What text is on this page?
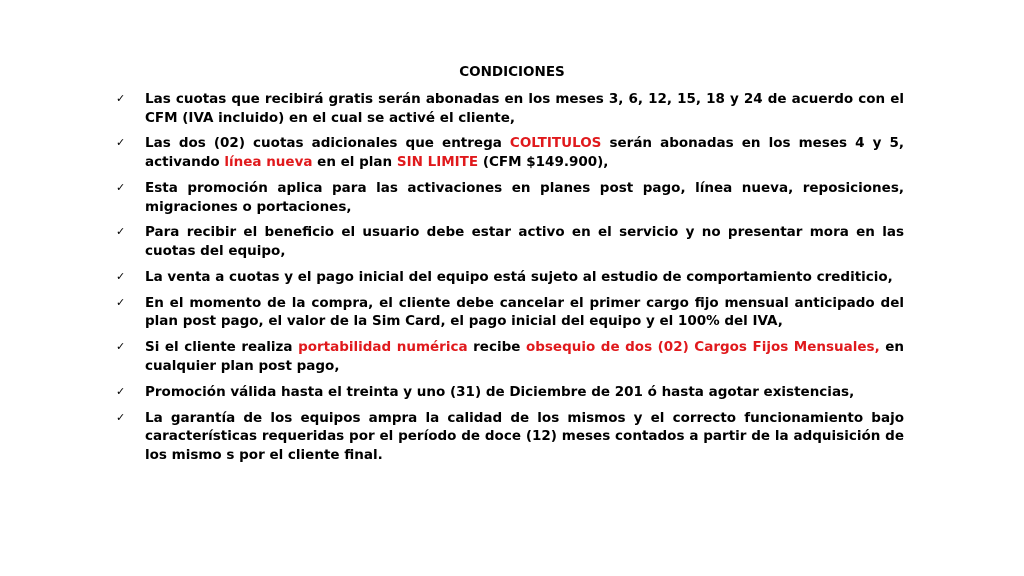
CONDICIONES
✓ Las cuotas que recibirá gratis serán abonadas en los meses 3, 6, 12, 15, 18 y 24 de acuerdo con el CFM (IVA incluido) en el cual se activé el cliente,
✓ Las dos (02) cuotas adicionales que entrega COLTITULOS serán abonadas en los meses 4 y 5, activando línea nueva en el plan SIN LIMITE (CFM $149.900),
✓ Esta promoción aplica para las activaciones en planes post pago, línea nueva, reposiciones, migraciones o portaciones,
✓ Para recibir el beneficio el usuario debe estar activo en el servicio y no presentar mora en las cuotas del equipo,
✓ La venta a cuotas y el pago inicial del equipo está sujeto al estudio de comportamiento crediticio,
✓ En el momento de la compra, el cliente debe cancelar el primer cargo fijo mensual anticipado del plan post pago, el valor de la Sim Card, el pago inicial del equipo y el 100% del IVA,
✓ Si el cliente realiza portabilidad numérica recibe obsequio de dos (02) Cargos Fijos Mensuales, en cualquier plan post pago,
✓ Promoción válida hasta el treinta y uno (31) de Diciembre de 201 ó hasta agotar existencias,
✓ La garantía de los equipos ampra la calidad de los mismos y el correcto funcionamiento bajo características requeridas por el período de doce (12) meses contados a partir de la adquisición de los mismo s por el cliente final.
